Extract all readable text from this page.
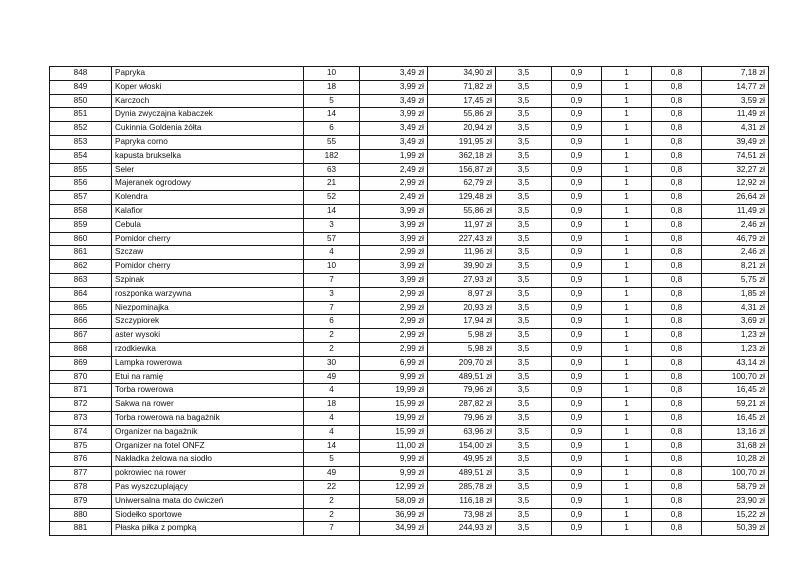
848	Papryka	10	3,49 zł	34,90 zł	3,5	0,9	1	0,8	7,18 zł
849	Koper włoski	18	3,99 zł	71,82 zł	3,5	0,9	1	0,8	14,77 zł
850	Karczoch	5	3,49 zł	17,45 zł	3,5	0,9	1	0,8	3,59 zł
851	Dynia zwyczajna kabaczek	14	3,99 zł	55,86 zł	3,5	0,9	1	0,8	11,49 zł
852	Cukinnia Goldenia żółta	6	3,49 zł	20,94 zł	3,5	0,9	1	0,8	4,31 zł
853	Papryka corno	55	3,49 zł	191,95 zł	3,5	0,9	1	0,8	39,49 zł
854	kapusta brukselka	182	1,99 zł	362,18 zł	3,5	0,9	1	0,8	74,51 zł
855	Seler	63	2,49 zł	156,87 zł	3,5	0,9	1	0,8	32,27 zł
856	Majeranek ogrodowy	21	2,99 zł	62,79 zł	3,5	0,9	1	0,8	12,92 zł
857	Kolendra	52	2,49 zł	129,48 zł	3,5	0,9	1	0,8	26,64 zł
858	Kalafior	14	3,99 zł	55,86 zł	3,5	0,9	1	0,8	11,49 zł
859	Cebula	3	3,99 zł	11,97 zł	3,5	0,9	1	0,8	2,46 zł
860	Pomidor cherry	57	3,99 zł	227,43 zł	3,5	0,9	1	0,8	46,79 zł
861	Szczaw	4	2,99 zł	11,96 zł	3,5	0,9	1	0,8	2,46 zł
862	Pomidor cherry	10	3,99 zł	39,90 zł	3,5	0,9	1	0,8	8,21 zł
863	Szpinak	7	3,99 zł	27,93 zł	3,5	0,9	1	0,8	5,75 zł
864	roszponka warzywna	3	2,99 zł	8,97 zł	3,5	0,9	1	0,8	1,85 zł
865	Niezpominajka	7	2,99 zł	20,93 zł	3,5	0,9	1	0,8	4,31 zł
866	Szczypiorek	6	2,99 zł	17,94 zł	3,5	0,9	1	0,8	3,69 zł
867	aster wysoki	2	2,99 zł	5,98 zł	3,5	0,9	1	0,8	1,23 zł
868	rzodkiewka	2	2,99 zł	5,98 zł	3,5	0,9	1	0,8	1,23 zł
869	Lampka rowerowa	30	6,99 zł	209,70 zł	3,5	0,9	1	0,8	43,14 zł
870	Etui na ramię	49	9,99 zł	489,51 zł	3,5	0,9	1	0,8	100,70 zł
871	Torba rowerowa	4	19,99 zł	79,96 zł	3,5	0,9	1	0,8	16,45 zł
872	Sakwa na rower	18	15,99 zł	287,82 zł	3,5	0,9	1	0,8	59,21 zł
873	Torba rowerowa na bagażnik	4	19,99 zł	79,96 zł	3,5	0,9	1	0,8	16,45 zł
874	Organizer na bagażnik	4	15,99 zł	63,96 zł	3,5	0,9	1	0,8	13,16 zł
875	Organizer na fotel ONFZ	14	11,00 zł	154,00 zł	3,5	0,9	1	0,8	31,68 zł
876	Nakładka żelowa na siodło	5	9,99 zł	49,95 zł	3,5	0,9	1	0,8	10,28 zł
877	pokrowiec na rower	49	9,99 zł	489,51 zł	3,5	0,9	1	0,8	100,70 zł
878	Pas wyszczuplający	22	12,99 zł	285,78 zł	3,5	0,9	1	0,8	58,79 zł
879	Uniwersalna mata do ćwiczeń	2	58,09 zł	116,18 zł	3,5	0,9	1	0,8	23,90 zł
880	Siodełko sportowe	2	36,99 zł	73,98 zł	3,5	0,9	1	0,8	15,22 zł
881	Płaska piłka z pompką	7	34,99 zł	244,93 zł	3,5	0,9	1	0,8	50,39 zł
